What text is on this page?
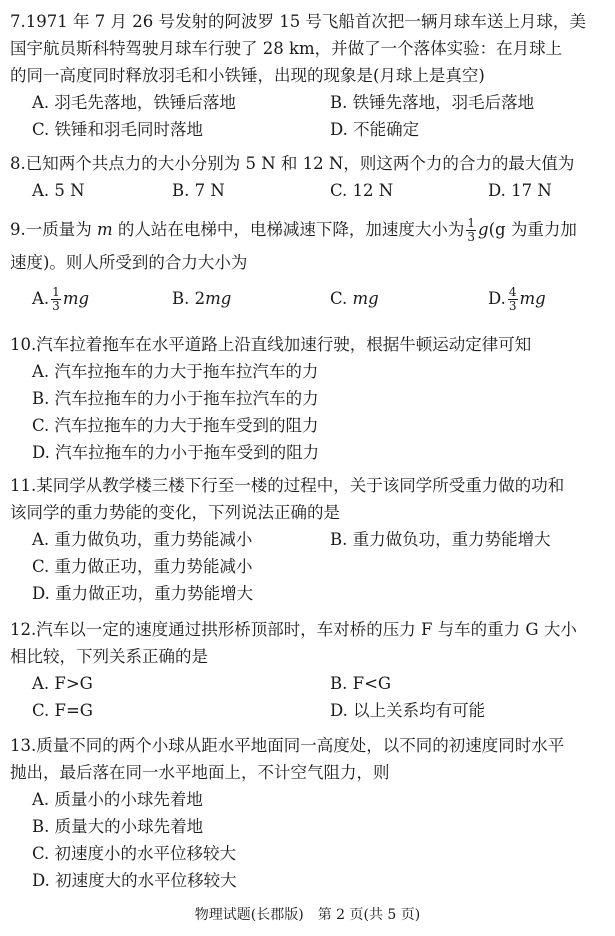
7.1971 年 7 月 26 号发射的阿波罗 15 号飞船首次把一辆月球车送上月球，美
国宇航员斯科特驾驶月球车行驶了 28 km，并做了一个落体实验：在月球上
的同一高度同时释放羽毛和小铁锤，出现的现象是(月球上是真空)
A. 羽毛先落地，铁锤后落地	B. 铁锤先落地，羽毛后落地
C. 铁锤和羽毛同时落地	D. 不能确定
8.已知两个共点力的大小分别为 5 N 和 12 N，则这两个力的合力的最大值为
A. 5 N	B. 7 N	C. 12 N	D. 17 N
9.一质量为 m 的人站在电梯中，电梯减速下降，加速度大小为 $\frac{1}{3} g(g$ 为重力加
速度)。则人所受到的合力大小为
A. $\frac{1}{3}$ mg	B. 2mg	C. mg	D. $\frac{4}{3}$ mg
10.汽车拉着拖车在水平道路上沿直线加速行驶，根据牛顿运动定律可知
A. 汽车拉拖车的力大于拖车拉汽车的力
B. 汽车拉拖车的力小于拖车拉汽车的力
C. 汽车拉拖车的力大于拖车受到的阻力
D. 汽车拉拖车的力小于拖车受到的阻力
11.某同学从教学楼三楼下行至一楼的过程中，关于该同学所受重力做的功和
该同学的重力势能的变化，下列说法正确的是
A. 重力做负功，重力势能减小	B. 重力做负功，重力势能增大
C. 重力做正功，重力势能减小
D. 重力做正功，重力势能增大
12.汽车以一定的速度通过拱形桥顶部时，车对桥的压力 F 与车的重力 G 大小
相比较，下列关系正确的是
A. F>G	B. F<G
C. F=G	D. 以上关系均有可能
13.质量不同的两个小球从距水平地面同一高度处，以不同的初速度同时水平
抛出，最后落在同一水平地面上，不计空气阻力，则
A. 质量小的小球先着地
B. 质量大的小球先着地
C. 初速度小的水平位移较大
D. 初速度大的水平位移较大
物理试题(长郡版)　第 2 页(共 5 页)
